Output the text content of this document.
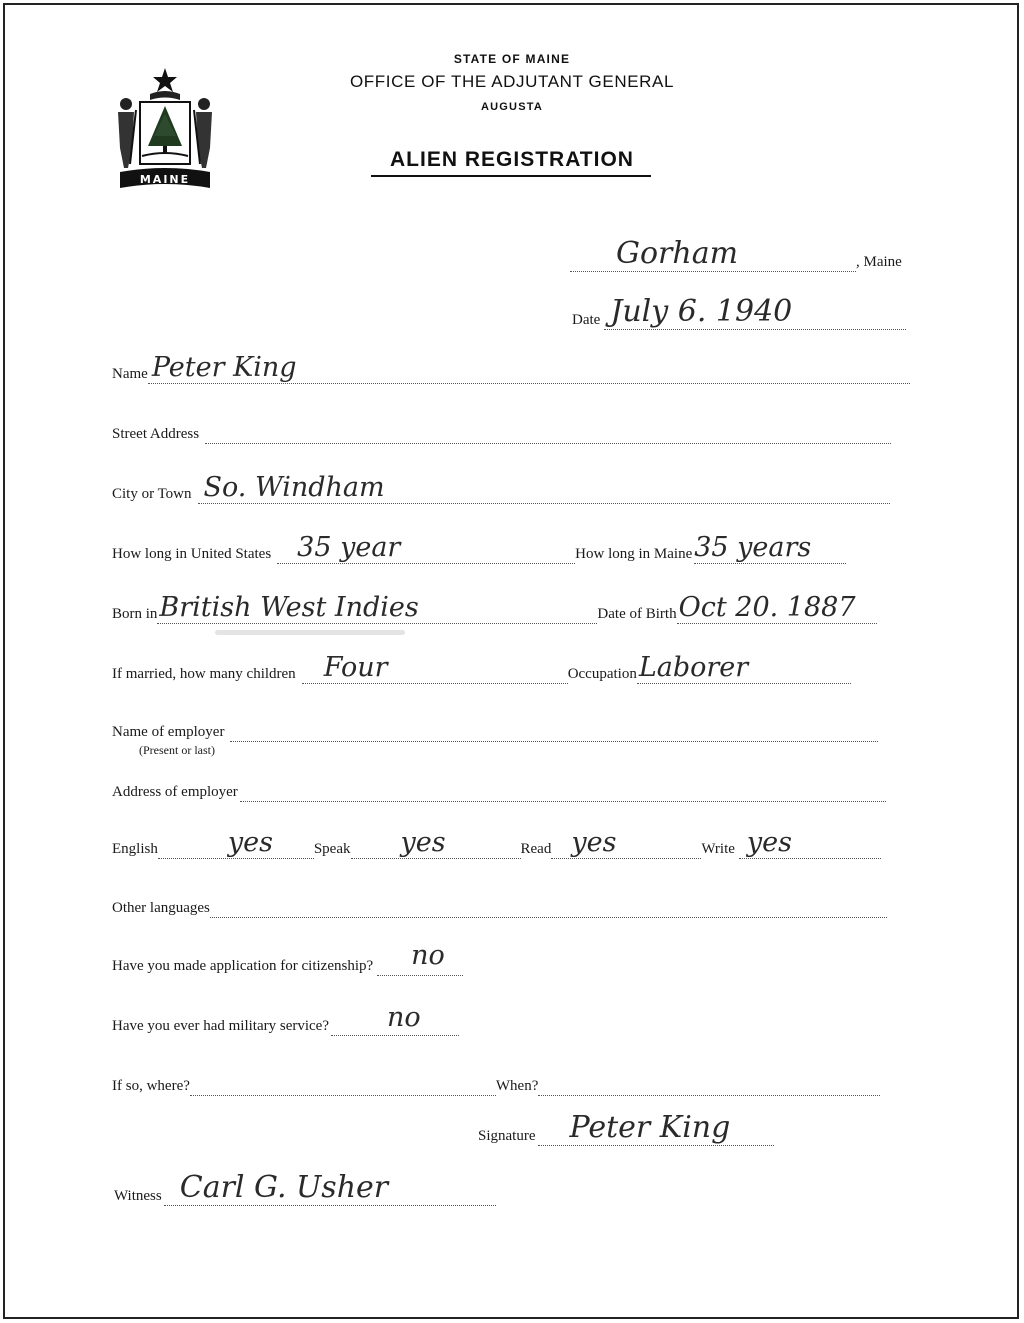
MAINE
STATE OF MAINE
OFFICE OF THE ADJUTANT GENERAL
AUGUSTA
ALIEN REGISTRATION
Gorham	, Maine
Date July 6. 1940
Name Peter King
Street Address
City or Town So. Windham
How long in United States 35 year	How long in Maine 35 years
Born in British West Indies	Date of Birth Oct 20. 1887
If married, how many children Four	Occupation Laborer
Name of employer
(Present or last)
Address of employer
English	yes	Speak yes	Read yes	Write yes
Other languages
Have you made application for citizenship? no
Have you ever had military service? no
If so, where?	When?
Signature Peter King
Witness Carl G. Usher
